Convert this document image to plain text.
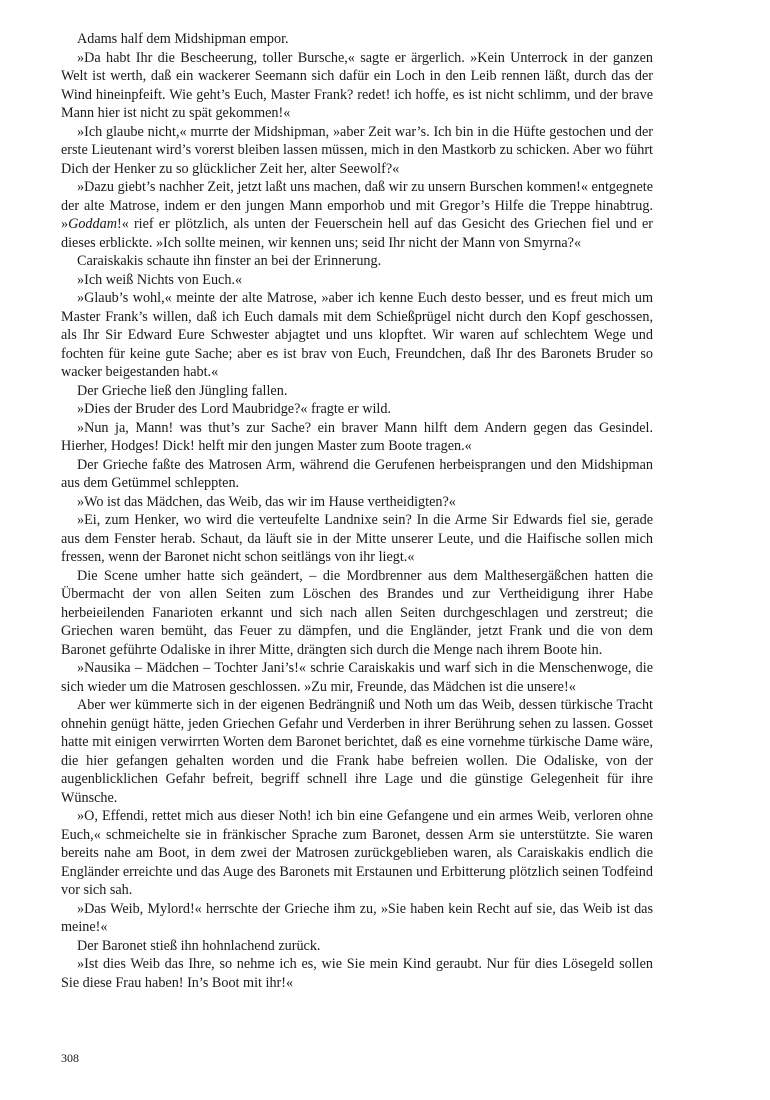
Adams half dem Midshipman empor.

»Da habt Ihr die Bescheerung, toller Bursche,« sagte er ärgerlich. »Kein Unterrock in der ganzen Welt ist werth, daß ein wackerer Seemann sich dafür ein Loch in den Leib rennen läßt, durch das der Wind hineinpfeift. Wie geht’s Euch, Master Frank? redet! ich hoffe, es ist nicht schlimm, und der brave Mann hier ist nicht zu spät gekommen!«

»Ich glaube nicht,« murrte der Midshipman, »aber Zeit war’s. Ich bin in die Hüfte gestochen und der erste Lieutenant wird’s vorerst bleiben lassen müssen, mich in den Mastkorb zu schicken. Aber wo führt Dich der Henker zu so glücklicher Zeit her, alter Seewolf?«

»Dazu giebt’s nachher Zeit, jetzt laßt uns machen, daß wir zu unsern Burschen kommen!« entgegnete der alte Matrose, indem er den jungen Mann emporhob und mit Gregor’s Hilfe die Treppe hinabtrug. »Goddam!« rief er plötzlich, als unten der Feuerschein hell auf das Gesicht des Griechen fiel und er dieses erblickte. »Ich sollte meinen, wir kennen uns; seid Ihr nicht der Mann von Smyrna?«

Caraiskakis schaute ihn finster an bei der Erinnerung.

»Ich weiß Nichts von Euch.«

»Glaub’s wohl,« meinte der alte Matrose, »aber ich kenne Euch desto besser, und es freut mich um Master Frank’s willen, daß ich Euch damals mit dem Schießprügel nicht durch den Kopf geschossen, als Ihr Sir Edward Eure Schwester abjagtet und uns klopftet. Wir waren auf schlechtem Wege und fochten für keine gute Sache; aber es ist brav von Euch, Freundchen, daß Ihr des Baronets Bruder so wacker beigestanden habt.«

Der Grieche ließ den Jüngling fallen.

»Dies der Bruder des Lord Maubridge?« fragte er wild.

»Nun ja, Mann! was thut’s zur Sache? ein braver Mann hilft dem Andern gegen das Gesindel. Hierher, Hodges! Dick! helft mir den jungen Master zum Boote tragen.«

Der Grieche faßte des Matrosen Arm, während die Gerufenen herbeisprangen und den Midshipman aus dem Getümmel schleppten.

»Wo ist das Mädchen, das Weib, das wir im Hause vertheidigten?«

»Ei, zum Henker, wo wird die verteufelte Landnixe sein? In die Arme Sir Edwards fiel sie, gerade aus dem Fenster herab. Schaut, da läuft sie in der Mitte unserer Leute, und die Haifische sollen mich fressen, wenn der Baronet nicht schon seitlängs von ihr liegt.«

Die Scene umher hatte sich geändert, – die Mordbrenner aus dem Malthesergäßchen hatten die Übermacht der von allen Seiten zum Löschen des Brandes und zur Vertheidigung ihrer Habe herbeieilenden Fanarioten erkannt und sich nach allen Seiten durchgeschlagen und zerstreut; die Griechen waren bemüht, das Feuer zu dämpfen, und die Engländer, jetzt Frank und die von dem Baronet geführte Odaliske in ihrer Mitte, drängten sich durch die Menge nach ihrem Boote hin.

»Nausika – Mädchen – Tochter Jani’s!« schrie Caraiskakis und warf sich in die Menschenwoge, die sich wieder um die Matrosen geschlossen. »Zu mir, Freunde, das Mädchen ist die unsere!«

Aber wer kümmerte sich in der eigenen Bedrängniß und Noth um das Weib, dessen türkische Tracht ohnehin genügt hätte, jeden Griechen Gefahr und Verderben in ihrer Berührung sehen zu lassen. Gosset hatte mit einigen verwirrten Worten dem Baronet berichtet, daß es eine vornehme türkische Dame wäre, die hier gefangen gehalten worden und die Frank habe befreien wollen. Die Odaliske, von der augenblicklichen Gefahr befreit, begriff schnell ihre Lage und die günstige Gelegenheit für ihre Wünsche.

»O, Effendi, rettet mich aus dieser Noth! ich bin eine Gefangene und ein armes Weib, verloren ohne Euch,« schmeichelte sie in fränkischer Sprache zum Baronet, dessen Arm sie unterstützte. Sie waren bereits nahe am Boot, in dem zwei der Matrosen zurückgeblieben waren, als Caraiskakis endlich die Engländer erreichte und das Auge des Baronets mit Erstaunen und Erbitterung plötzlich seinen Todfeind vor sich sah.

»Das Weib, Mylord!« herrschte der Grieche ihm zu, »Sie haben kein Recht auf sie, das Weib ist das meine!«

Der Baronet stieß ihn hohnlachend zurück.

»Ist dies Weib das Ihre, so nehme ich es, wie Sie mein Kind geraubt. Nur für dies Lösegeld sollen Sie diese Frau haben! In’s Boot mit ihr!«

308
